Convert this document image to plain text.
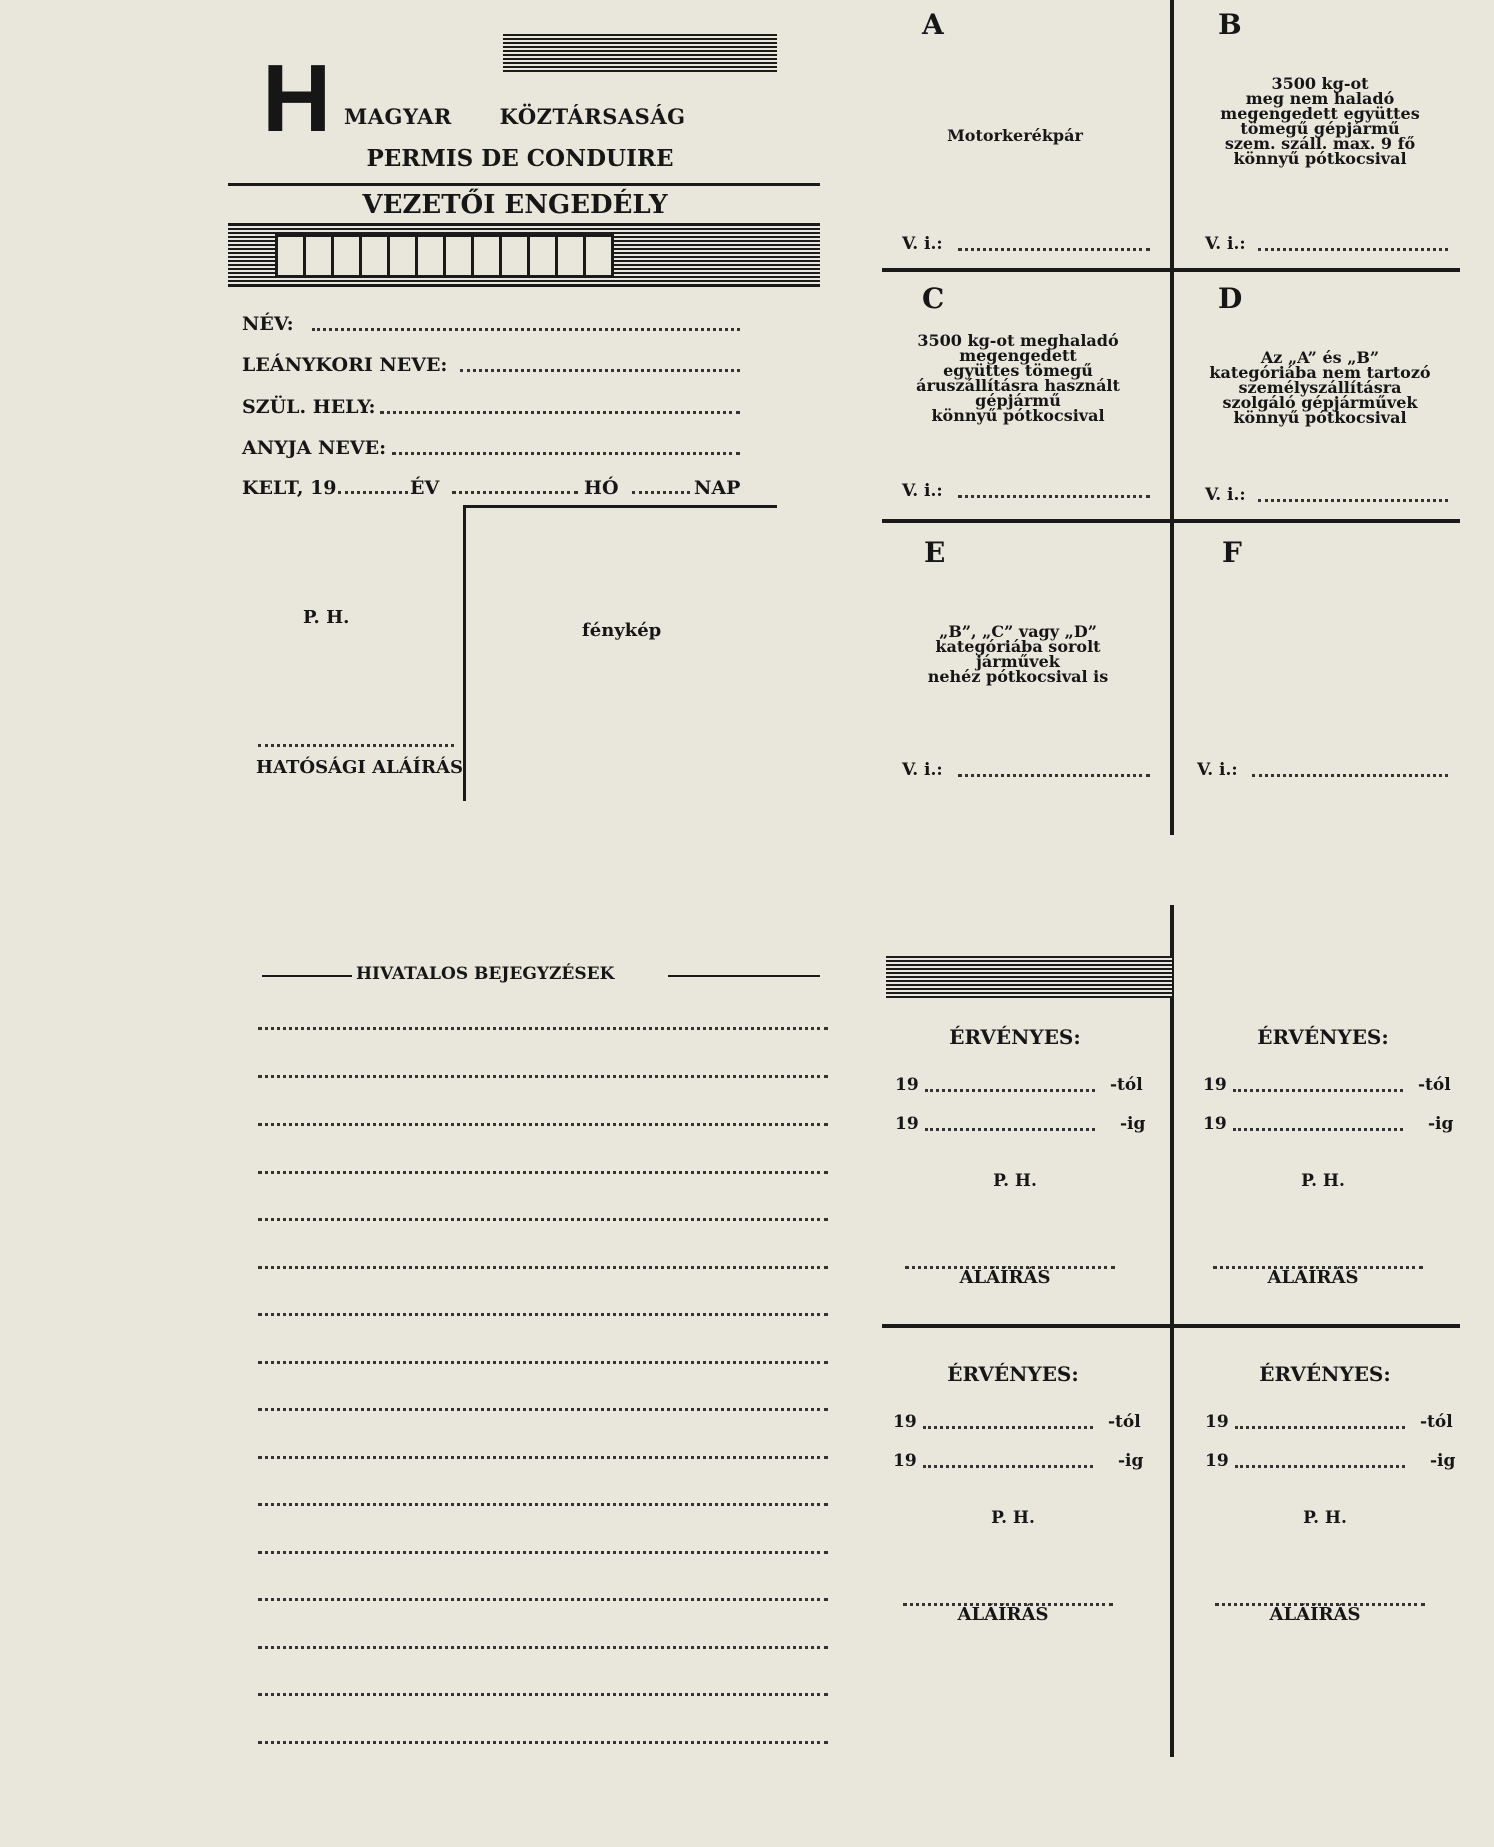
H MAGYAR KÖZTÁRSASÁG
PERMIS DE CONDUIRE
VEZETŐI ENGEDÉLY
NÉV:
LEÁNYKORI NEVE:
SZÜL. HELY:
ANYJA NEVE:
KELT, 19	ÉV	HÓ	NAP
P. H.
fénykép
HATÓSÁGI ALÁÍRÁS
A
Motorkerékpár
V. i.:
B
3500 kg-ot
meg nem haladó
megengedett együttes
tömegű gépjármű
szem. száll. max. 9 fő
könnyű pótkocsival
V. i.:
C
3500 kg-ot meghaladó
megengedett
együttes tömegű
áruszállításra használt
gépjármű
könnyű pótkocsival
V. i.:
D
Az „A” és „B”
kategóriába nem tartozó
személyszállításra
szolgáló gépjárművek
könnyű pótkocsival
V. i.:
E
„B”, „C” vagy „D”
kategóriába sorolt
járművek
nehéz pótkocsival is
V. i.:
F
V. i.:
HIVATALOS BEJEGYZÉSEK
ÉRVÉNYES:
19	-tól
19	-ig
P. H.
ALÁÍRÁS
ÉRVÉNYES:
19	-tól
19	-ig
P. H.
ALÁÍRÁS
ÉRVÉNYES:
19	-tól
19	-ig
P. H.
ALÁÍRÁS
ÉRVÉNYES:
19	-tól
19	-ig
P. H.
ALÁÍRÁS
